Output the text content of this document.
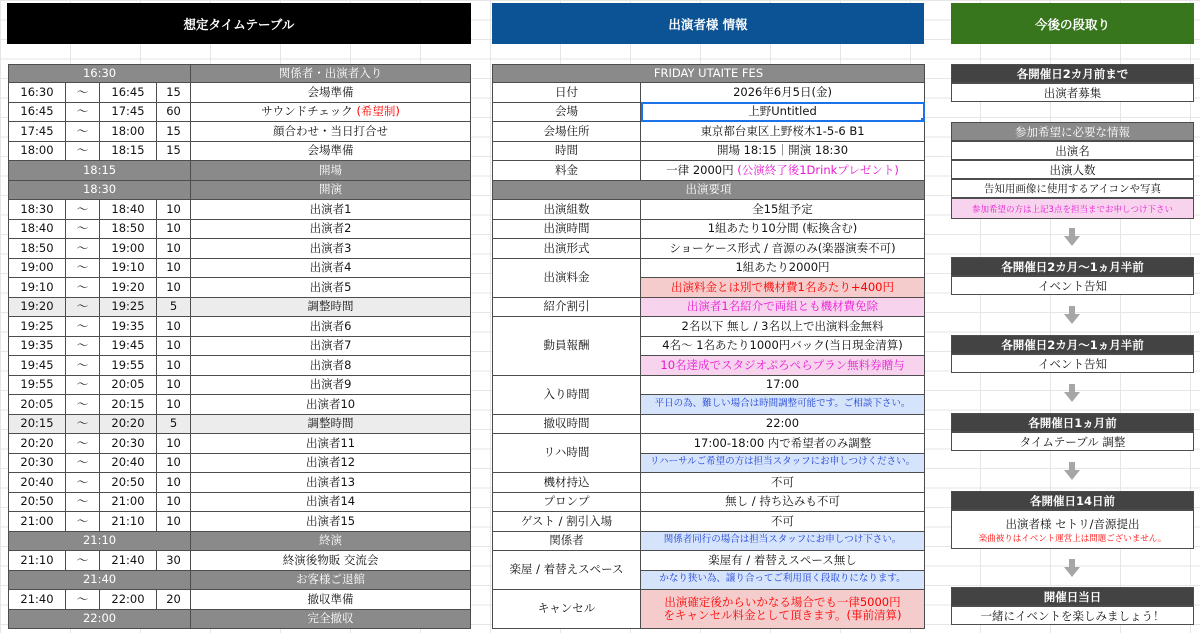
想定タイムテーブル	出演者様 情報	今後の段取り
16:30				関係者・出演者入り
16:30	〜	16:45	15	会場準備
16:45	〜	17:45	60	サウンドチェック (希望制)
17:45	〜	18:00	15	顔合わせ・当日打合せ
18:00	〜	18:15	15	会場準備
18:15				開場
18:30				開演
18:30	〜	18:40	10	出演者1
18:40	〜	18:50	10	出演者2
18:50	〜	19:00	10	出演者3
19:00	〜	19:10	10	出演者4
19:10	〜	19:20	10	出演者5
19:20	〜	19:25	5	調整時間
19:25	〜	19:35	10	出演者6
19:35	〜	19:45	10	出演者7
19:45	〜	19:55	10	出演者8
19:55	〜	20:05	10	出演者9
20:05	〜	20:15	10	出演者10
20:15	〜	20:20	5	調整時間
20:20	〜	20:30	10	出演者11
20:30	〜	20:40	10	出演者12
20:40	〜	20:50	10	出演者13
20:50	〜	21:00	10	出演者14
21:00	〜	21:10	10	出演者15
21:10				終演
21:10	〜	21:40	30	終演後物販 交流会
21:40				お客様ご退館
21:40	〜	22:00	20	撤収準備
22:00				完全撤収
FRIDAY UTAITE FES	
日付	2026年6月5日(金)
会場	上野Untitled

会場住所	東京都台東区上野桜木1-5-6 B1
時間	開場 18:15｜開演 18:30
料金	一律 2000円 (公演終了後1Drinkプレゼント)
出演要項	
出演組数	全15組予定
出演時間	1組あたり10分間 (転換含む)
出演形式	ショーケース形式 / 音源のみ(楽器演奏不可)
出演料金	1組あたり2000円
	出演料金とは別で機材費1名あたり+400円
紹介割引	出演者1名紹介で両組とも機材費免除
動員報酬	2名以下 無し / 3名以上で出演料金無料
	4名〜 1名あたり1000円バック(当日現金清算)
	10名達成でスタジオぷろぺらプラン無料券贈与
入り時間	17:00
	平日の為、難しい場合は時間調整可能です。ご相談下さい。
撤収時間	22:00
リハ時間	17:00-18:00 内で希望者のみ調整
	リハーサルご希望の方は担当スタッフにお申しつけください。
機材持込	不可
プロンプ	無し / 持ち込みも不可
ゲスト / 割引入場	不可
関係者	関係者同行の場合は担当スタッフにお申しつけ下さい。
楽屋 / 着替えスペース	楽屋有 / 着替えスペース無し
	かなり狭い為、譲り合ってご利用頂く段取りになります。
キャンセル	出演確定後からいかなる場合でも一律5000円
をキャンセル料金として頂きます。(事前清算)
各開催日2カ月前まで
出演者募集
参加希望に必要な情報
出演名
出演人数
告知用画像に使用するアイコンや写真
参加希望の方は上記3点を担当までお申しつけ下さい
各開催日2カ月〜1ヵ月半前
イベント告知
各開催日2カ月〜1ヵ月半前
イベント告知
各開催日1ヵ月前
タイムテーブル 調整
各開催日14日前
出演者様 セトリ/音源提出
楽曲被りはイベント運営上は問題ございません。
開催日当日
一緒にイベントを楽しみましょう！
